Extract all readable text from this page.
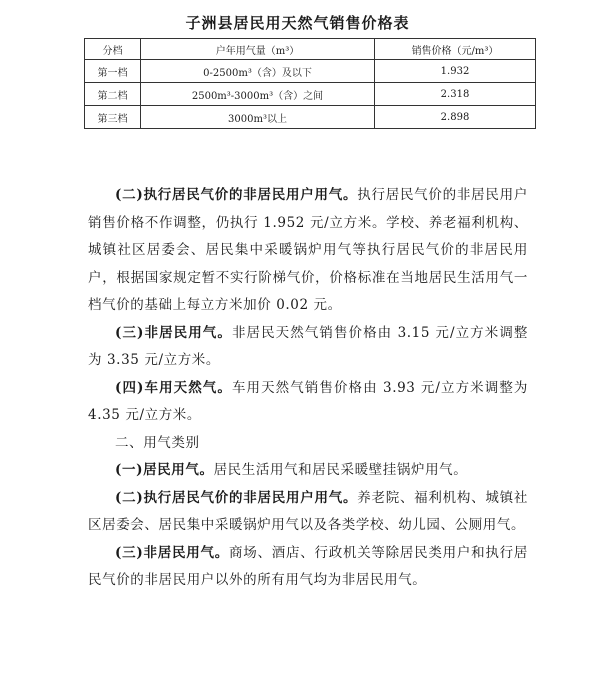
子洲县居民用天然气销售价格表
分档	户年用气量（m³）	销售价格（元/m³）
第一档	0-2500m³（含）及以下	1.932
第二档	2500m³-3000m³（含）之间	2.318
第三档	3000m³以上	2.898

(二)执行居民气价的非居民用户用气。执行居民气价的非居民用户销售价格不作调整，仍执行 1.952 元/立方米。学校、养老福利机构、城镇社区居委会、居民集中采暖锅炉用气等执行居民气价的非居民用户，根据国家规定暂不实行阶梯气价，价格标准在当地居民生活用气一档气价的基础上每立方米加价 0.02 元。

(三)非居民用气。非居民天然气销售价格由 3.15 元/立方米调整为 3.35 元/立方米。

(四)车用天然气。车用天然气销售价格由 3.93 元/立方米调整为 4.35 元/立方米。

二、用气类别

(一)居民用气。居民生活用气和居民采暖壁挂锅炉用气。

(二)执行居民气价的非居民用户用气。养老院、福利机构、城镇社区居委会、居民集中采暖锅炉用气以及各类学校、幼儿园、公厕用气。

(三)非居民用气。商场、酒店、行政机关等除居民类用户和执行居民气价的非居民用户以外的所有用气均为非居民用气。
